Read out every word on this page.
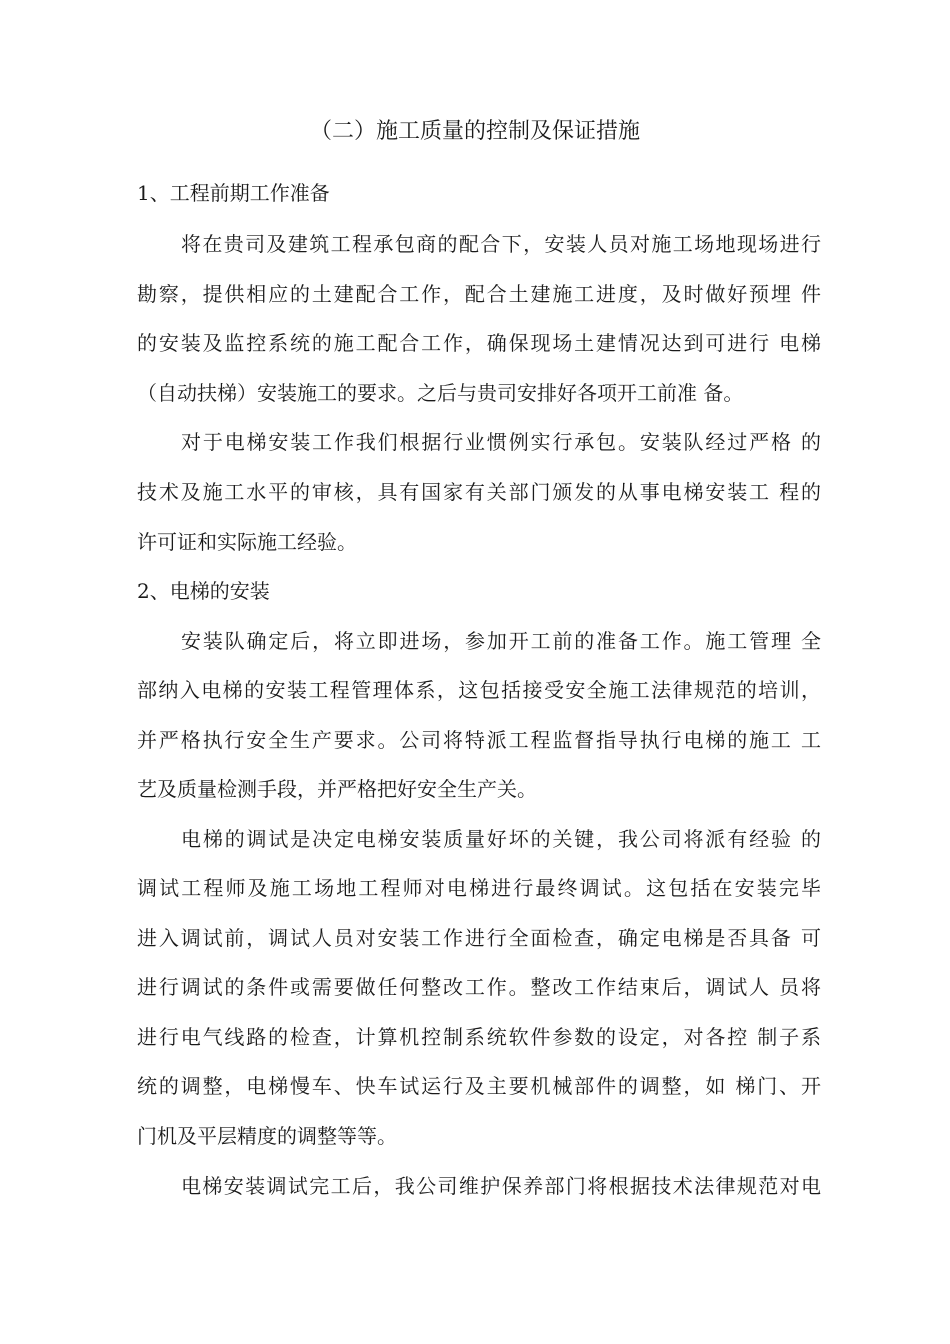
（二）施工质量的控制及保证措施
1、工程前期工作准备
将在贵司及建筑工程承包商的配合下，安装人员对施工场地现场进行
勘察，提供相应的土建配合工作，配合土建施工进度，及时做好预埋 件
的安装及监控系统的施工配合工作，确保现场土建情况达到可进行 电梯
（自动扶梯）安装施工的要求。之后与贵司安排好各项开工前准 备。
对于电梯安装工作我们根据行业惯例实行承包。安装队经过严格 的
技术及施工水平的审核，具有国家有关部门颁发的从事电梯安装工 程的
许可证和实际施工经验。
2、电梯的安装
安装队确定后，将立即进场，参加开工前的准备工作。施工管理 全
部纳入电梯的安装工程管理体系，这包括接受安全施工法律规范的培训，
并严格执行安全生产要求。公司将特派工程监督指导执行电梯的施工 工
艺及质量检测手段，并严格把好安全生产关。
电梯的调试是决定电梯安装质量好坏的关键，我公司将派有经验 的
调试工程师及施工场地工程师对电梯进行最终调试。这包括在安装完毕
进入调试前，调试人员对安装工作进行全面检查，确定电梯是否具备 可
进行调试的条件或需要做任何整改工作。整改工作结束后，调试人 员将
进行电气线路的检查，计算机控制系统软件参数的设定，对各控 制子系
统的调整，电梯慢车、快车试运行及主要机械部件的调整，如 梯门、开
门机及平层精度的调整等等。
电梯安装调试完工后，我公司维护保养部门将根据技术法律规范对电
